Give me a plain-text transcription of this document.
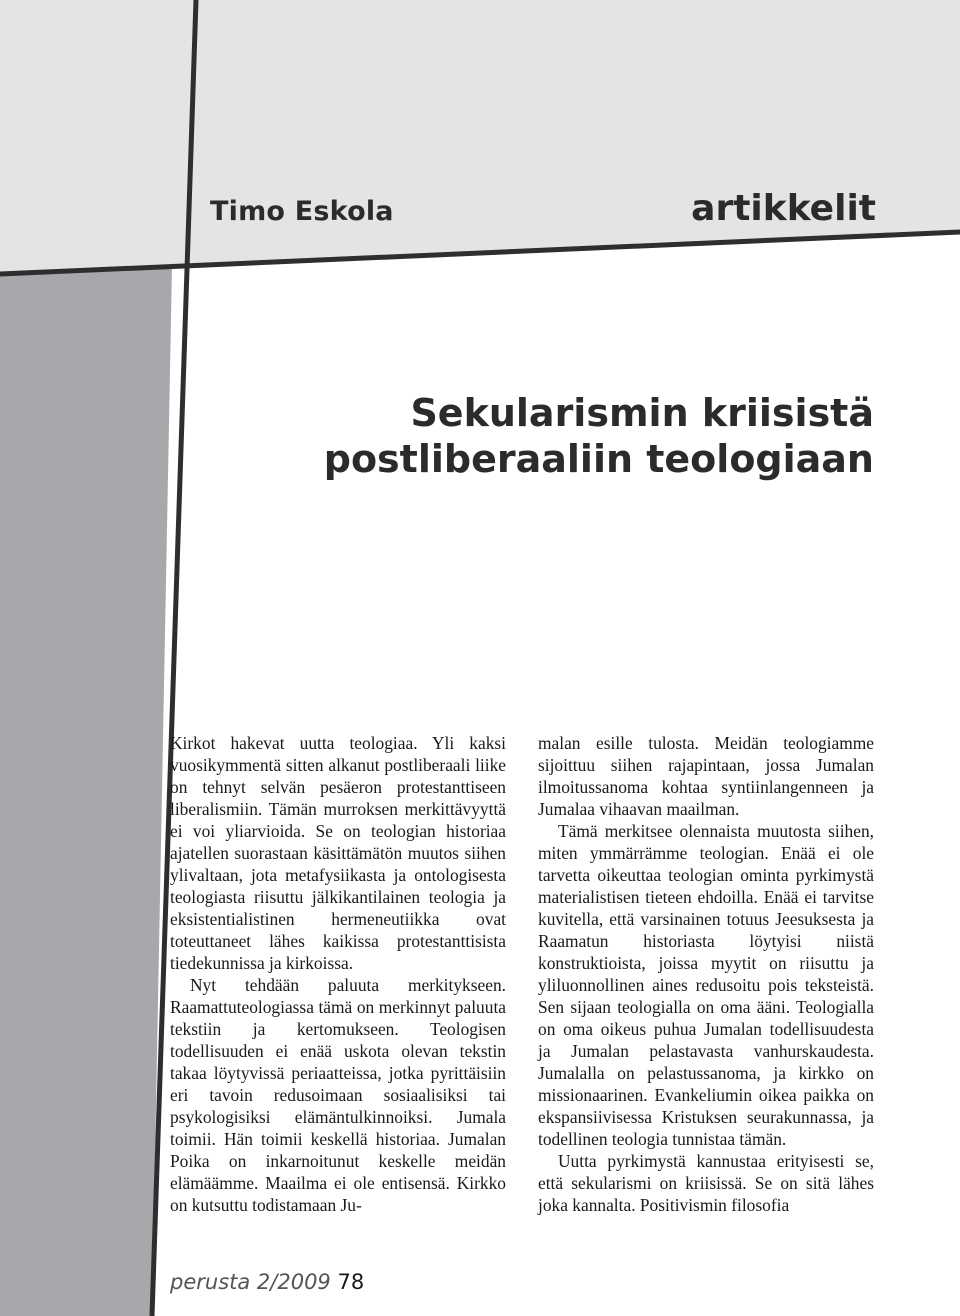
Timo Eskola	artikkelit
Sekularismin kriisistä
postliberaaliin teologiaan

Kirkot hakevat uutta teologiaa. Yli kaksi vuosikymmentä sitten alkanut postliberaali liike on tehnyt selvän pesäeron protestanttiseen liberalismiin. Tämän murroksen merkittävyyttä ei voi yliarvioida. Se on teologian historiaa ajatellen suorastaan käsittämätön muutos siihen ylivaltaan, jota metafysiikasta ja ontologisesta teologiasta riisuttu jälkikantilainen teologia ja eksistentialistinen hermeneutiikka ovat toteuttaneet lähes kaikissa protestanttisista tiedekunnissa ja kirkoissa.

Nyt tehdään paluuta merkitykseen. Raamattuteologiassa tämä on merkinnyt paluuta tekstiin ja kertomukseen. Teologisen todellisuuden ei enää uskota olevan tekstin takaa löytyvissä periaatteissa, jotka pyrittäisiin eri tavoin redusoimaan sosiaalisiksi tai psykologisiksi elämäntulkinnoiksi. Jumala toimii. Hän toimii keskellä historiaa. Jumalan Poika on inkarnoitunut keskelle meidän elämäämme. Maailma ei ole entisensä. Kirkko on kutsuttu todistamaan Ju-

malan esille tulosta. Meidän teologiamme sijoittuu siihen rajapintaan, jossa Jumalan ilmoitussanoma kohtaa syntiinlangenneen ja Jumalaa vihaavan maailman.

Tämä merkitsee olennaista muutosta siihen, miten ymmärrämme teologian. Enää ei ole tarvetta oikeuttaa teologian ominta pyrkimystä materialistisen tieteen ehdoilla. Enää ei tarvitse kuvitella, että varsinainen totuus Jeesuksesta ja Raamatun historiasta löytyisi niistä konstruktioista, joissa myytit on riisuttu ja yliluonnollinen aines redusoitu pois teksteistä. Sen sijaan teologialla on oma ääni. Teologialla on oma oikeus puhua Jumalan todellisuudesta ja Jumalan pelastavasta vanhurskaudesta. Jumalalla on pelastussanoma, ja kirkko on missionaarinen. Evankeliumin oikea paikka on ekspansiivisessa Kristuksen seurakunnassa, ja todellinen teologia tunnistaa tämän.

Uutta pyrkimystä kannustaa erityisesti se, että sekularismi on kriisissä. Se on sitä lähes joka kannalta. Positivismin filosofia

perusta 2/2009 78
